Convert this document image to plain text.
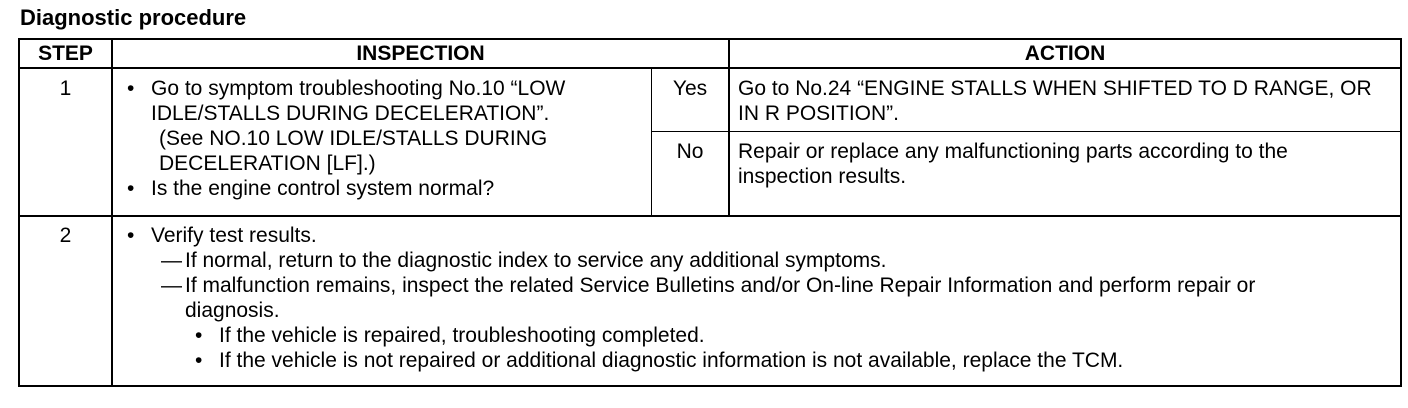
Diagnostic procedure
STEP	INSPECTION	ACTION
1	• Go to symptom troubleshooting No.10 “LOW IDLE/STALLS DURING DECELERATION”.
(See NO.10 LOW IDLE/STALLS DURING DECELERATION [LF].)
• Is the engine control system normal?
Yes	Go to No.24 “ENGINE STALLS WHEN SHIFTED TO D RANGE, OR IN R POSITION”.
No	Repair or replace any malfunctioning parts according to the inspection results.
2	• Verify test results.
— If normal, return to the diagnostic index to service any additional symptoms.
— If malfunction remains, inspect the related Service Bulletins and/or On-line Repair Information and perform repair or diagnosis.
• If the vehicle is repaired, troubleshooting completed.
• If the vehicle is not repaired or additional diagnostic information is not available, replace the TCM.
